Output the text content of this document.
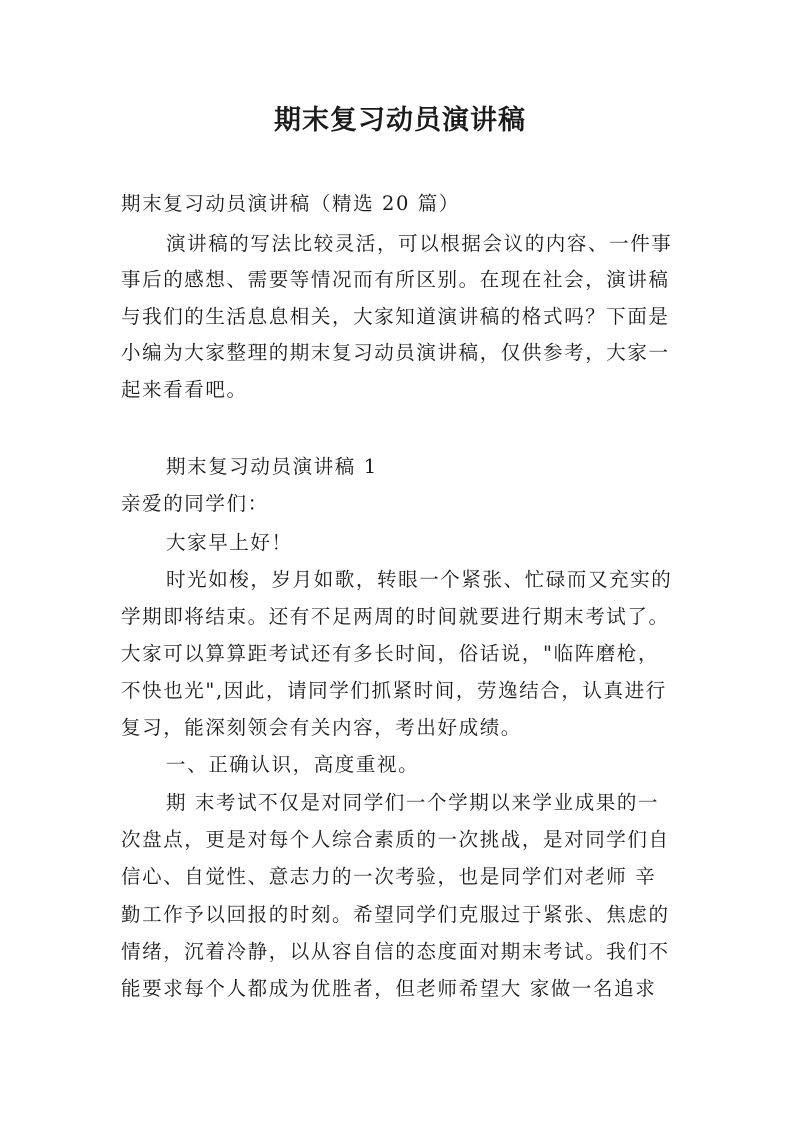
期末复习动员演讲稿
期末复习动员演讲稿（精选 20 篇）
演讲稿的写法比较灵活，可以根据会议的内容、一件事
事后的感想、需要等情况而有所区别。在现在社会，演讲稿
与我们的生活息息相关，大家知道演讲稿的格式吗？下面是
小编为大家整理的期末复习动员演讲稿，仅供参考，大家一
起来看看吧。
期末复习动员演讲稿 1
亲爱的同学们：
大家早上好！
时光如梭，岁月如歌，转眼一个紧张、忙碌而又充实的
学期即将结束。还有不足两周的时间就要进行期末考试了。
大家可以算算距考试还有多长时间，俗话说，"临阵磨枪，
不快也光",因此，请同学们抓紧时间，劳逸结合，认真进行
复习，能深刻领会有关内容，考出好成绩。
一、正确认识，高度重视。
期 末考试不仅是对同学们一个学期以来学业成果的一
次盘点，更是对每个人综合素质的一次挑战，是对同学们自
信心、自觉性、意志力的一次考验，也是同学们对老师 辛
勤工作予以回报的时刻。希望同学们克服过于紧张、焦虑的
情绪，沉着冷静，以从容自信的态度面对期末考试。我们不
能要求每个人都成为优胜者，但老师希望大 家做一名追求
